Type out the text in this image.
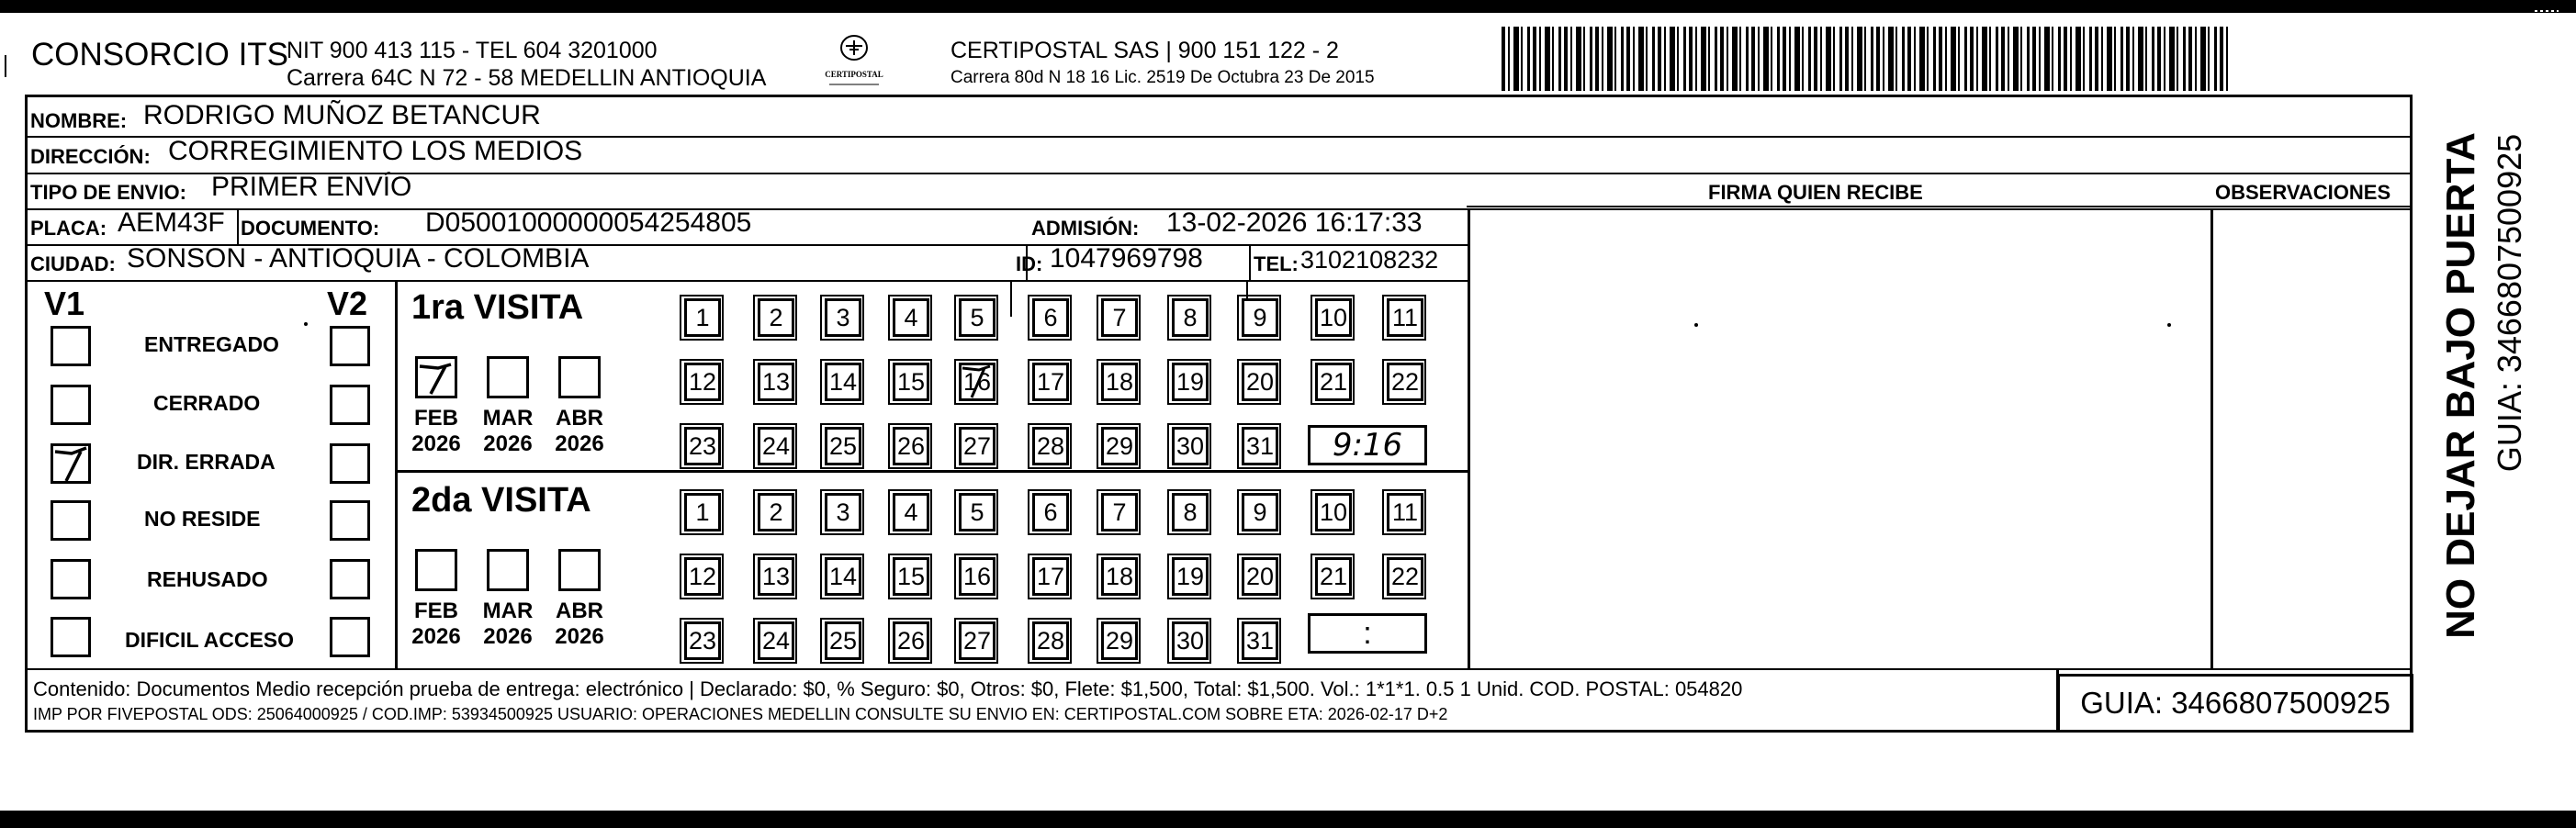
CONSORCIO ITS
NIT 900 413 115 - TEL 604 3201000
Carrera 64C N 72 - 58 MEDELLIN ANTIOQUIA	CERTIPOSTAL
CERTIPOSTAL SAS | 900 151 122 - 2
Carrera 80d N 18 16 Lic. 2519 De Octubra 23 De 2015
NOMBRE: RODRIGO MUÑOZ BETANCUR
DIRECCIÓN: CORREGIMIENTO LOS MEDIOS
TIPO DE ENVIO: PRIMER ENVÍO
PLACA: AEM43F DOCUMENTO: D05001000000054254805	ADMISIÓN: 13-02-2026 16:17:33
CIUDAD: SONSON - ANTIOQUIA - COLOMBIA	ID: 1047969798	TEL: 3102108232
FIRMA QUIEN RECIBE	OBSERVACIONES
V1	V2
ENTREGADO
CERRADO
DIR. ERRADA
NO RESIDE
REHUSADO
DIFICIL ACCESO
1ra VISITA
FEB
2026
MAR
2026
ABR
2026
1	2	3	4	5	6	7	8	9	10 11
12 13 14 15 16 17 18 19 20 21 22
23 24 25 26 27 28 29 30 31	9:16
2da VISITA
FEB
2026
MAR
2026
ABR
2026
1	2	3	4	5	6	7	8	9	10 11
12 13 14 15 16 17 18 19 20 21 22
23 24 25 26 27 28 29 30 31	:
Contenido: Documentos Medio recepción prueba de entrega: electrónico | Declarado: $0, % Seguro: $0, Otros: $0, Flete: $1,500, Total: $1,500. Vol.: 1*1*1. 0.5 1 Unid. COD. POSTAL: 054820
IMP POR FIVEPOSTAL ODS: 25064000925 / COD.IMP: 53934500925 USUARIO: OPERACIONES MEDELLIN CONSULTE SU ENVIO EN: CERTIPOSTAL.COM SOBRE ETA: 2026-02-17 D+2	GUIA: 3466807500925
NO DEJAR BAJO PUERTA GUIA: 3466807500925
